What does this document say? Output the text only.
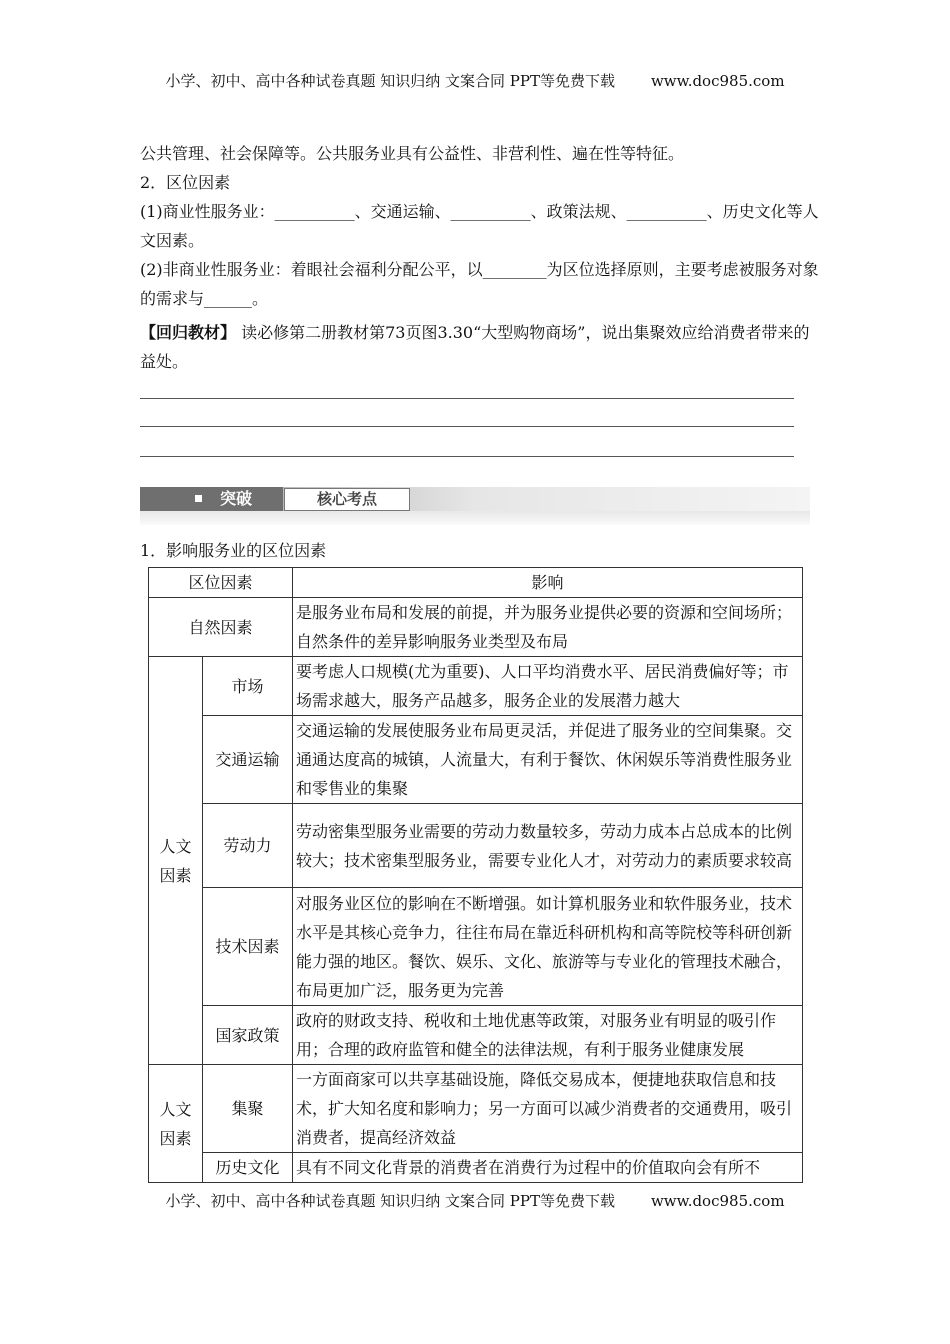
小学、初中、高中各种试卷真题 知识归纳 文案合同 PPT等免费下载 www.doc985.com
公共管理、社会保障等。公共服务业具有公益性、非营利性、遍在性等特征。
2．区位因素
(1)商业性服务业：__________、交通运输、__________、政策法规、__________、历史文化等人文因素。
(2)非商业性服务业：着眼社会福利分配公平，以________为区位选择原则，主要考虑被服务对象的需求与______。
【回归教材】 读必修第二册教材第73页图3.30“大型购物商场”，说出集聚效应给消费者带来的益处。
突破	核心考点
1．影响服务业的区位因素
区位因素		影响
自然因素		是服务业布局和发展的前提，并为服务业提供必要的资源和空间场所；自然条件的差异影响服务业类型及布局
人文因素	市场	要考虑人口规模(尤为重要)、人口平均消费水平、居民消费偏好等；市场需求越大，服务产品越多，服务企业的发展潜力越大
	交通运输	交通运输的发展使服务业布局更灵活，并促进了服务业的空间集聚。交通通达度高的城镇，人流量大，有利于餐饮、休闲娱乐等消费性服务业和零售业的集聚
	劳动力	劳动密集型服务业需要的劳动力数量较多，劳动力成本占总成本的比例较大；技术密集型服务业，需要专业化人才，对劳动力的素质要求较高
	技术因素	对服务业区位的影响在不断增强。如计算机服务业和软件服务业，技术水平是其核心竞争力，往往布局在靠近科研机构和高等院校等科研创新能力强的地区。餐饮、娱乐、文化、旅游等与专业化的管理技术融合，布局更加广泛，服务更为完善
	国家政策	政府的财政支持、税收和土地优惠等政策，对服务业有明显的吸引作用；合理的政府监管和健全的法律法规，有利于服务业健康发展
人文因素	集聚	一方面商家可以共享基础设施，降低交易成本，便捷地获取信息和技术，扩大知名度和影响力；另一方面可以减少消费者的交通费用，吸引消费者，提高经济效益
	历史文化	具有不同文化背景的消费者在消费行为过程中的价值取向会有所不
小学、初中、高中各种试卷真题 知识归纳 文案合同 PPT等免费下载 www.doc985.com
